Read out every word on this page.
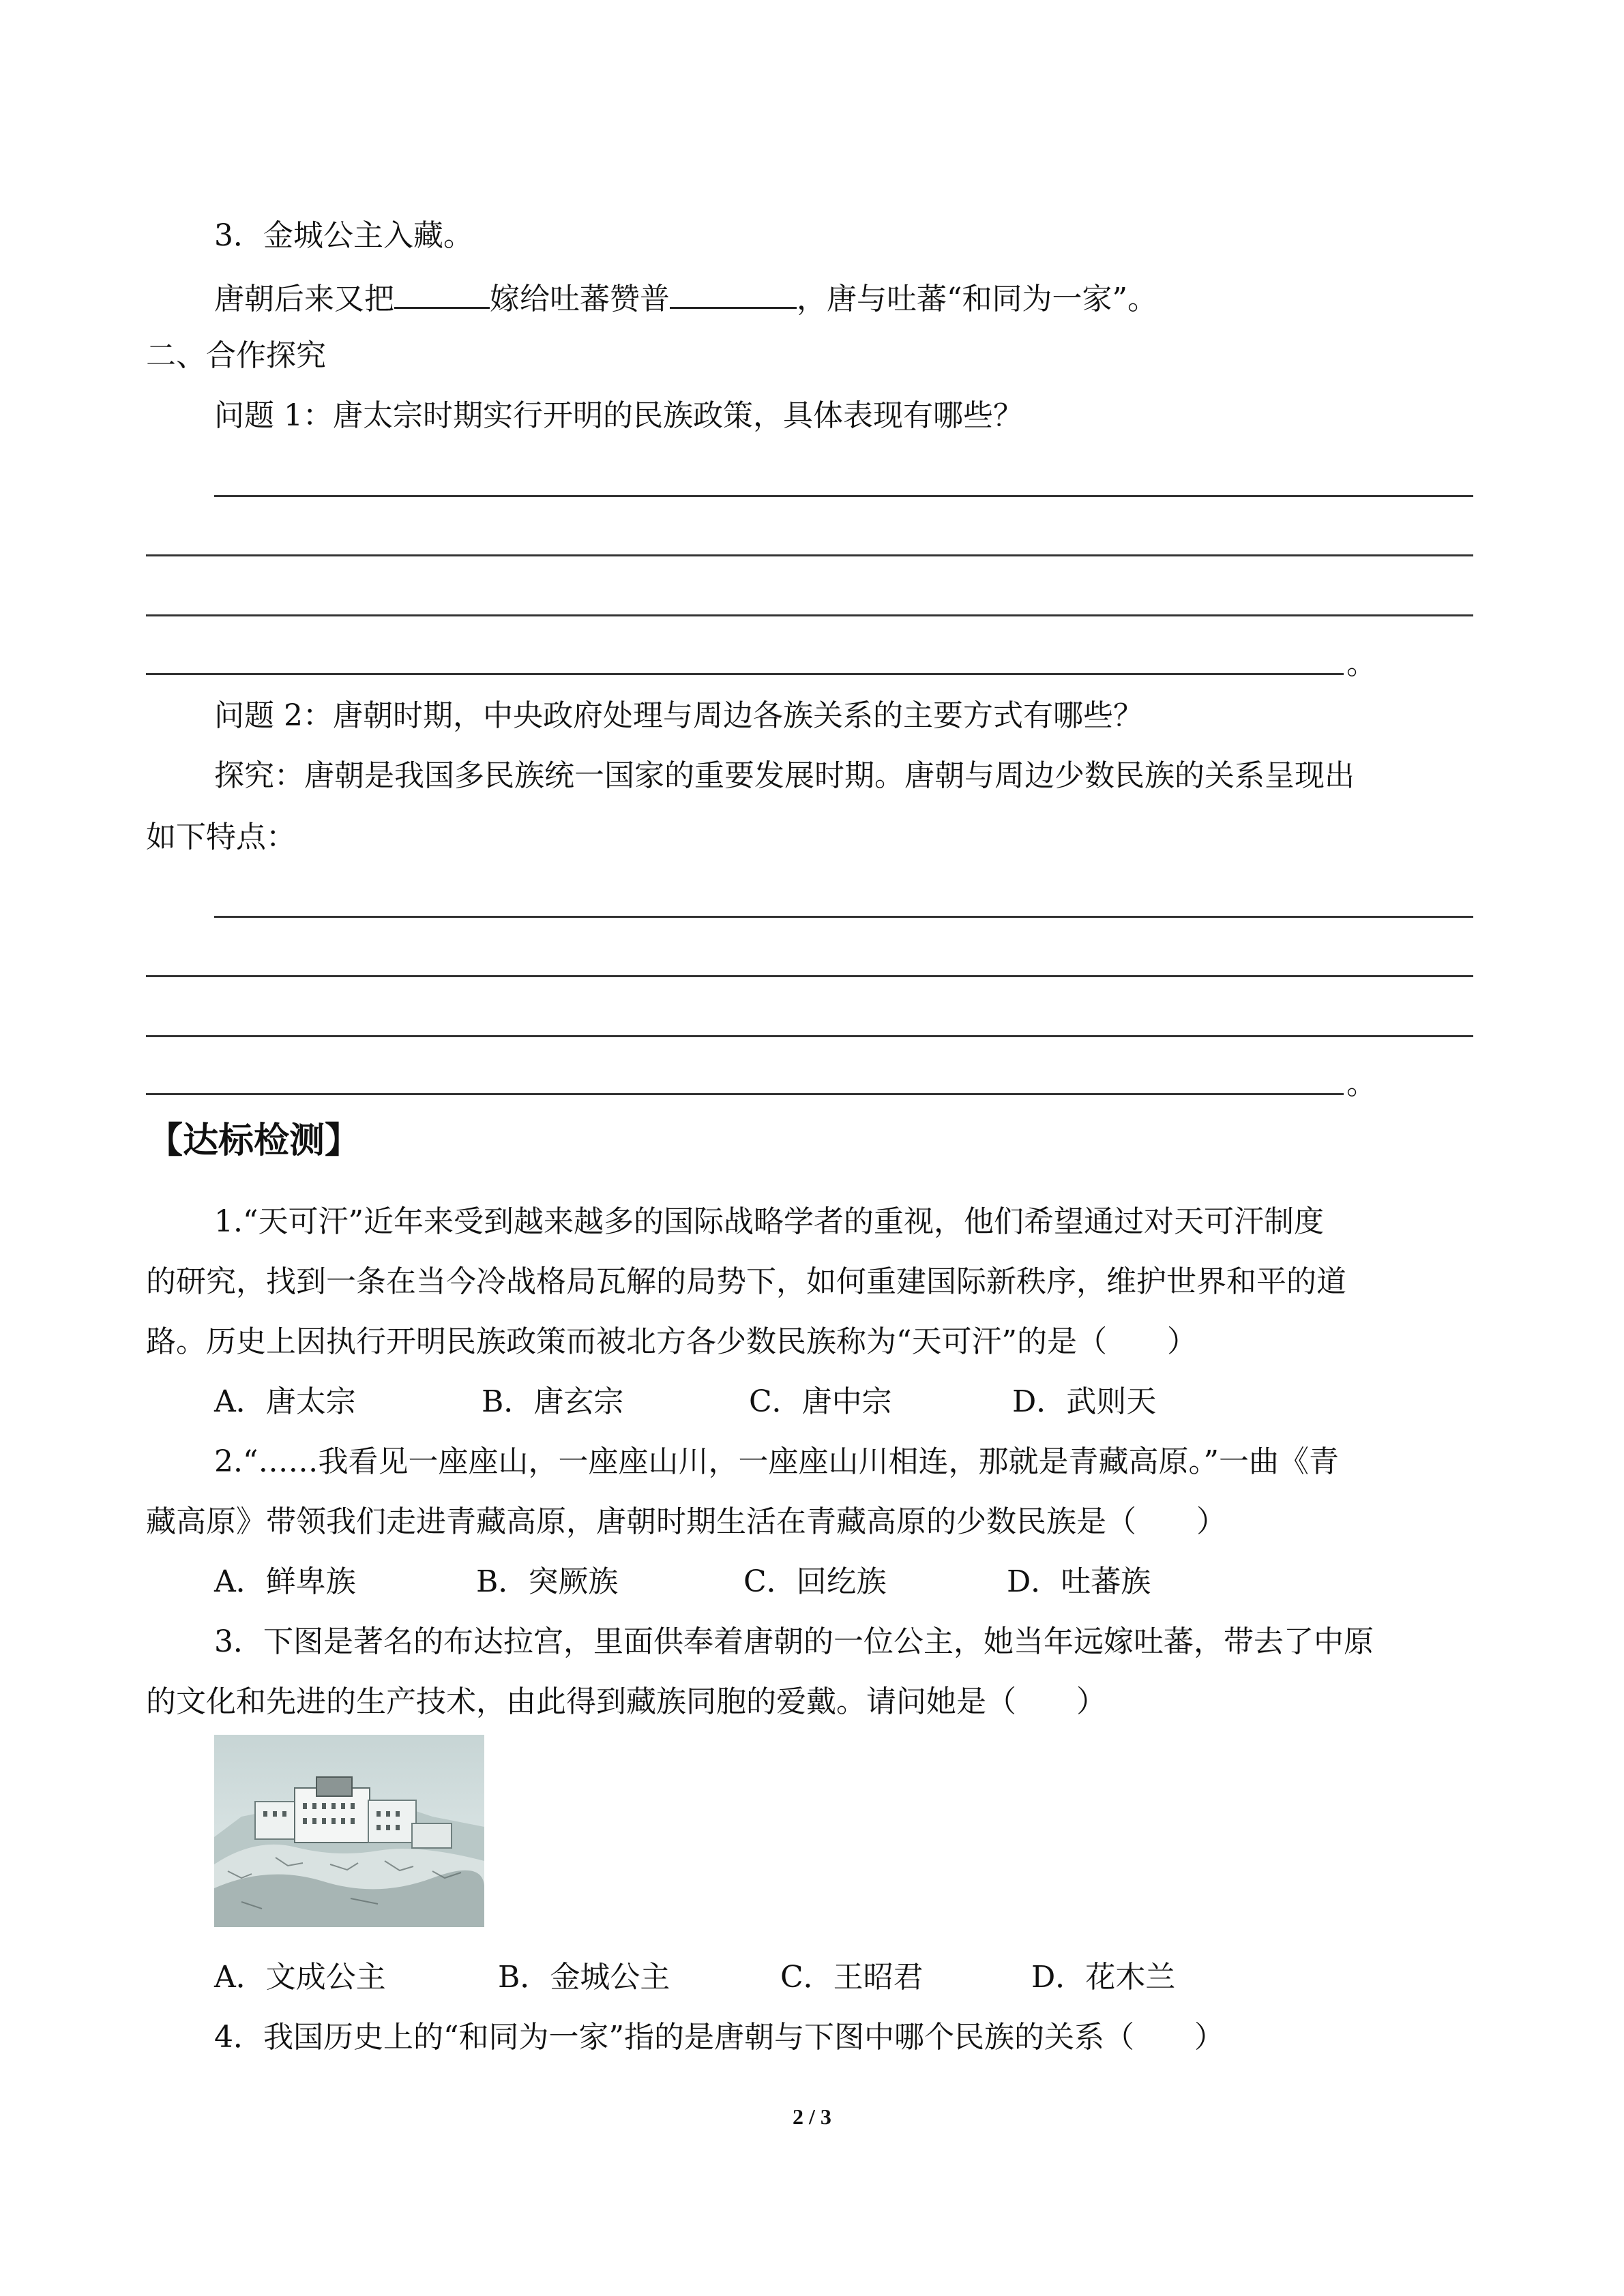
3．金城公主入藏。
唐朝后来又把	嫁给吐蕃赞普	，唐与吐蕃“和同为一家”。
二、合作探究
问题 1：唐太宗时期实行开明的民族政策，具体表现有哪些？
。
问题 2：唐朝时期，中央政府处理与周边各族关系的主要方式有哪些？
探究：唐朝是我国多民族统一国家的重要发展时期。唐朝与周边少数民族的关系呈现出
如下特点：
。
【达标检测】
1.“天可汗”近年来受到越来越多的国际战略学者的重视，他们希望通过对天可汗制度
的研究，找到一条在当今冷战格局瓦解的局势下，如何重建国际新秩序，维护世界和平的道
路。历史上因执行开明民族政策而被北方各少数民族称为“天可汗”的是（　　）
A．唐太宗	B．唐玄宗	C．唐中宗	D．武则天
2.“……我看见一座座山，一座座山川，一座座山川相连，那就是青藏高原。”一曲《青
藏高原》带领我们走进青藏高原，唐朝时期生活在青藏高原的少数民族是（　　）
A．鲜卑族	B．突厥族	C．回纥族	D．吐蕃族
3．下图是著名的布达拉宫，里面供奉着唐朝的一位公主，她当年远嫁吐蕃，带去了中原
的文化和先进的生产技术，由此得到藏族同胞的爱戴。请问她是（　　）
A．文成公主	B．金城公主	C．王昭君	D．花木兰
4．我国历史上的“和同为一家”指的是唐朝与下图中哪个民族的关系（　　）
2 / 3
